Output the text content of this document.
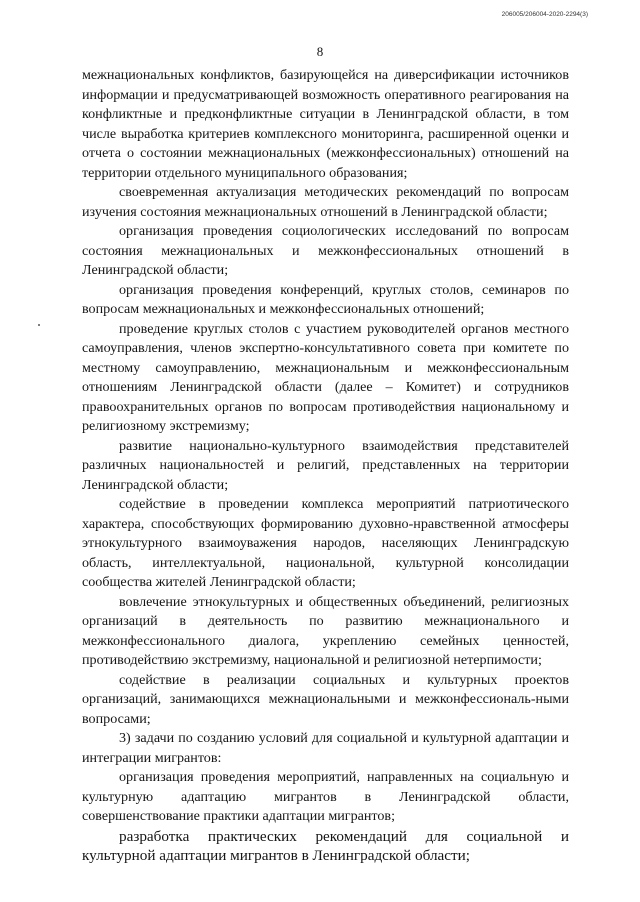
206005/206004-2020-2294(3)
8

межнациональных конфликтов, базирующейся на диверсификации источников информации и предусматривающей возможность оперативного реагирования на конфликтные и предконфликтные ситуации в Ленинградской области, в том числе выработка критериев комплексного мониторинга, расширенной оценки и отчета о состоянии межнациональных (межконфессиональных) отношений на территории отдельного муниципального образования;

своевременная актуализация методических рекомендаций по вопросам изучения состояния межнациональных отношений в Ленинградской области;

организация проведения социологических исследований по вопросам состояния межнациональных и межконфессиональных отношений в Ленинградской области;

организация проведения конференций, круглых столов, семинаров по вопросам межнациональных и межконфессиональных отношений;

проведение круглых столов с участием руководителей органов местного самоуправления, членов экспертно-консультативного совета при комитете по местному самоуправлению, межнациональным и межконфессиональным отношениям Ленинградской области (далее – Комитет) и сотрудников правоохранительных органов по вопросам противодействия национальному и религиозному экстремизму;

развитие национально-культурного взаимодействия представителей различных национальностей и религий, представленных на территории Ленинградской области;

содействие в проведении комплекса мероприятий патриотического характера, способствующих формированию духовно-нравственной атмосферы этнокультурного взаимоуважения народов, населяющих Ленинградскую область, интеллектуальной, национальной, культурной консолидации сообщества жителей Ленинградской области;

вовлечение этнокультурных и общественных объединений, религиозных организаций в деятельность по развитию межнационального и межконфессионального диалога, укреплению семейных ценностей, противодействию экстремизму, национальной и религиозной нетерпимости;

содействие в реализации социальных и культурных проектов организаций, занимающихся межнациональными и межконфессиональ-ными вопросами;

3) задачи по созданию условий для социальной и культурной адаптации и интеграции мигрантов:

организация проведения мероприятий, направленных на социальную и культурную адаптацию мигрантов в Ленинградской области, совершенствование практики адаптации мигрантов;

разработка практических рекомендаций для социальной и культурной адаптации мигрантов в Ленинградской области;
